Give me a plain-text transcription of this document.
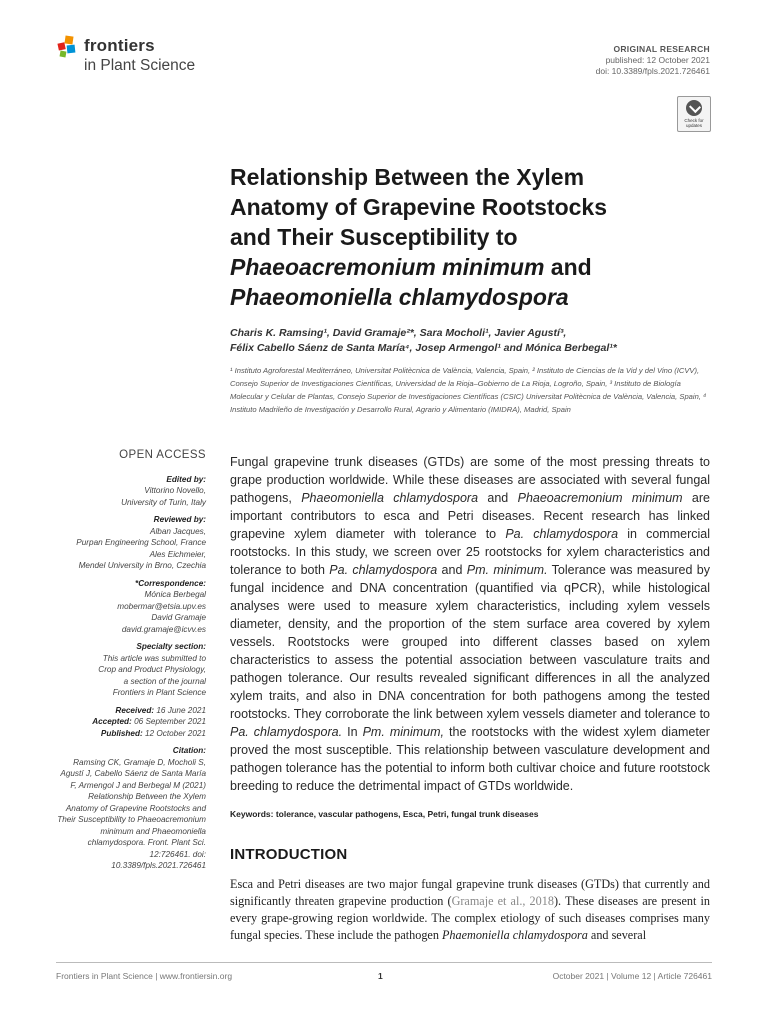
frontiers
in Plant Science
ORIGINAL RESEARCH
published: 12 October 2021
doi: 10.3389/fpls.2021.726461
Check for
updates
Relationship Between the Xylem
Anatomy of Grapevine Rootstocks
and Their Susceptibility to
Phaeoacremonium minimum and
Phaeomoniella chlamydospora
Charis K. Ramsing¹, David Gramaje²*, Sara Mocholi¹, Javier Agustí³,
Félix Cabello Sáenz de Santa María⁴, Josep Armengol¹ and Mónica Berbegal¹*
¹ Instituto Agroforestal Mediterráneo, Universitat Politècnica de València, Valencia, Spain, ² Instituto de Ciencias de la Vid y del Vino (ICVV), Consejo Superior de Investigaciones Científicas, Universidad de la Rioja–Gobierno de La Rioja, Logroño, Spain, ³ Instituto de Biología Molecular y Celular de Plantas, Consejo Superior de Investigaciones Científicas (CSIC) Universitat Politècnica de València, Valencia, Spain, ⁴ Instituto Madrileño de Investigación y Desarrollo Rural, Agrario y Alimentario (IMIDRA), Madrid, Spain
OPEN ACCESS
Edited by:
Vittorino Novello,
University of Turin, Italy
Reviewed by:
Alban Jacques,
Purpan Engineering School, France
Ales Eichmeier,
Mendel University in Brno, Czechia
*Correspondence:
Mónica Berbegal
mobermar@etsia.upv.es
David Gramaje
david.gramaje@icvv.es
Specialty section:
This article was submitted to
Crop and Product Physiology,
a section of the journal
Frontiers in Plant Science
Received: 16 June 2021
Accepted: 06 September 2021
Published: 12 October 2021
Citation:
Ramsing CK, Gramaje D, Mocholi S, Agustí J, Cabello Sáenz de Santa María F, Armengol J and Berbegal M (2021) Relationship Between the Xylem Anatomy of Grapevine Rootstocks and Their Susceptibility to Phaeoacremonium minimum and Phaeomoniella chlamydospora. Front. Plant Sci. 12:726461. doi: 10.3389/fpls.2021.726461
Fungal grapevine trunk diseases (GTDs) are some of the most pressing threats to grape production worldwide. While these diseases are associated with several fungal pathogens, Phaeomoniella chlamydospora and Phaeoacremonium minimum are important contributors to esca and Petri diseases. Recent research has linked grapevine xylem diameter with tolerance to Pa. chlamydospora in commercial rootstocks. In this study, we screen over 25 rootstocks for xylem characteristics and tolerance to both Pa. chlamydospora and Pm. minimum. Tolerance was measured by fungal incidence and DNA concentration (quantified via qPCR), while histological analyses were used to measure xylem characteristics, including xylem vessels diameter, density, and the proportion of the stem surface area covered by xylem vessels. Rootstocks were grouped into different classes based on xylem characteristics to assess the potential association between vasculature traits and pathogen tolerance. Our results revealed significant differences in all the analyzed xylem traits, and also in DNA concentration for both pathogens among the tested rootstocks. They corroborate the link between xylem vessels diameter and tolerance to Pa. chlamydospora. In Pm. minimum, the rootstocks with the widest xylem diameter proved the most susceptible. This relationship between vasculature development and pathogen tolerance has the potential to inform both cultivar choice and future rootstock breeding to reduce the detrimental impact of GTDs worldwide.
Keywords: tolerance, vascular pathogens, Esca, Petri, fungal trunk diseases
INTRODUCTION
Esca and Petri diseases are two major fungal grapevine trunk diseases (GTDs) that currently and significantly threaten grapevine production (Gramaje et al., 2018). These diseases are present in every grape-growing region worldwide. The complex etiology of such diseases comprises many fungal species. These include the pathogen Phaemoniella chlamydospora and several
Frontiers in Plant Science | www.frontiersin.org	1	October 2021 | Volume 12 | Article 726461
